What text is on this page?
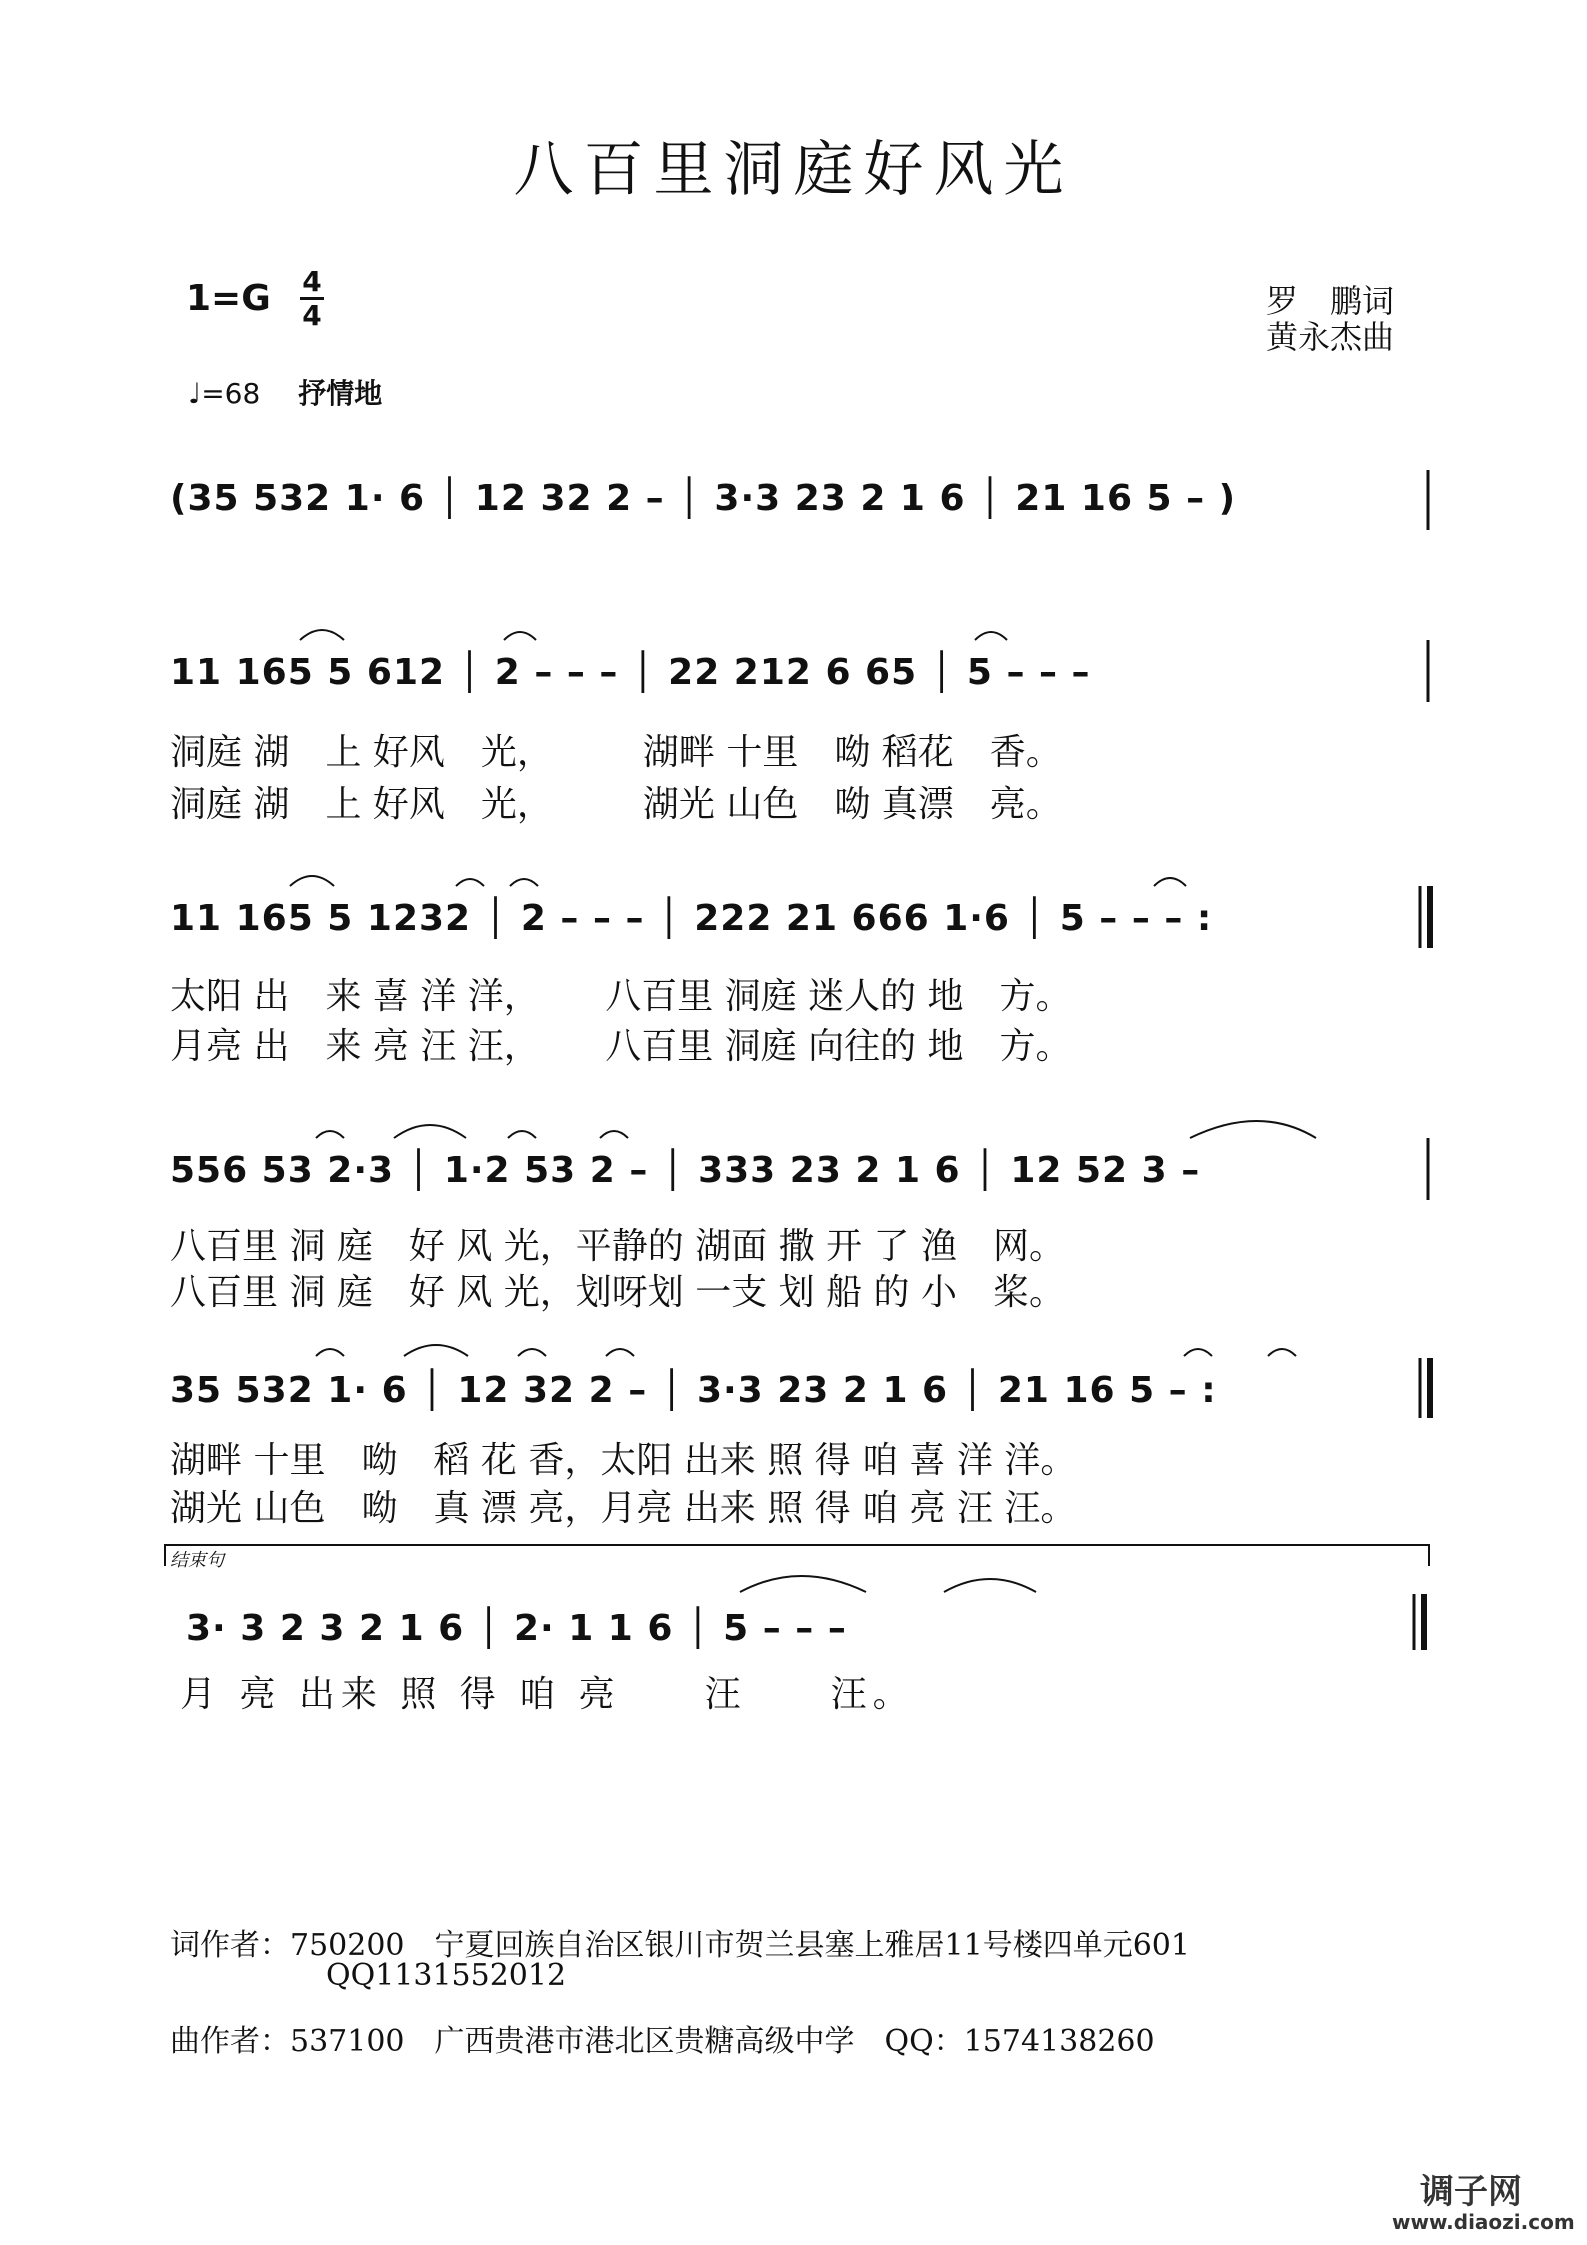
八百里洞庭好风光
1=G 4
4	罗　鹏词
黄永杰曲
♩=68 抒情地
(35 532 1· 6 │ 12 32 2 – │ 3·3 23 2 1 6 │ 21 16 5 – )
11 165 5 612 │ 2 – – – │ 22 212 6 65 │ 5 – – –
洞庭 湖　上 好风　光，　　　湖畔 十里　呦 稻花　香。
洞庭 湖　上 好风　光，　　　湖光 山色　呦 真漂　亮。
11 165 5 1232 │ 2 – – – │ 222 21 666 1·6 │ 5 – – – :
太阳 出　来 喜 洋 洋，　　 八百里 洞庭 迷人的 地　方。
月亮 出　来 亮 汪 汪，　　 八百里 洞庭 向往的 地　方。
556 53 2·3 │ 1·2 53 2 – │ 333 23 2 1 6 │ 12 52 3 –
八百里 洞 庭　好 风 光，平静的 湖面 撒 开 了 渔　网。
八百里 洞 庭　好 风 光，划呀划 一支 划 船 的 小　桨。
35 532 1· 6 │ 12 32 2 – │ 3·3 23 2 1 6 │ 21 16 5 – :
湖畔 十里　呦　稻 花 香，太阳 出来 照 得 咱 喜 洋 洋。
湖光 山色　呦　真 漂 亮，月亮 出来 照 得 咱 亮 汪 汪。
结束句
3· 3 2 3 2 1 6 │ 2· 1 1 6 │ 5 – – –
月 亮 出来 照 得 咱 亮　　汪　　汪。
词作者：750200　宁夏回族自治区银川市贺兰县塞上雅居11号楼四单元601
QQ1131552012
曲作者：537100　广西贵港市港北区贵糖高级中学　QQ：1574138260
调子网
www.diaozi.com
